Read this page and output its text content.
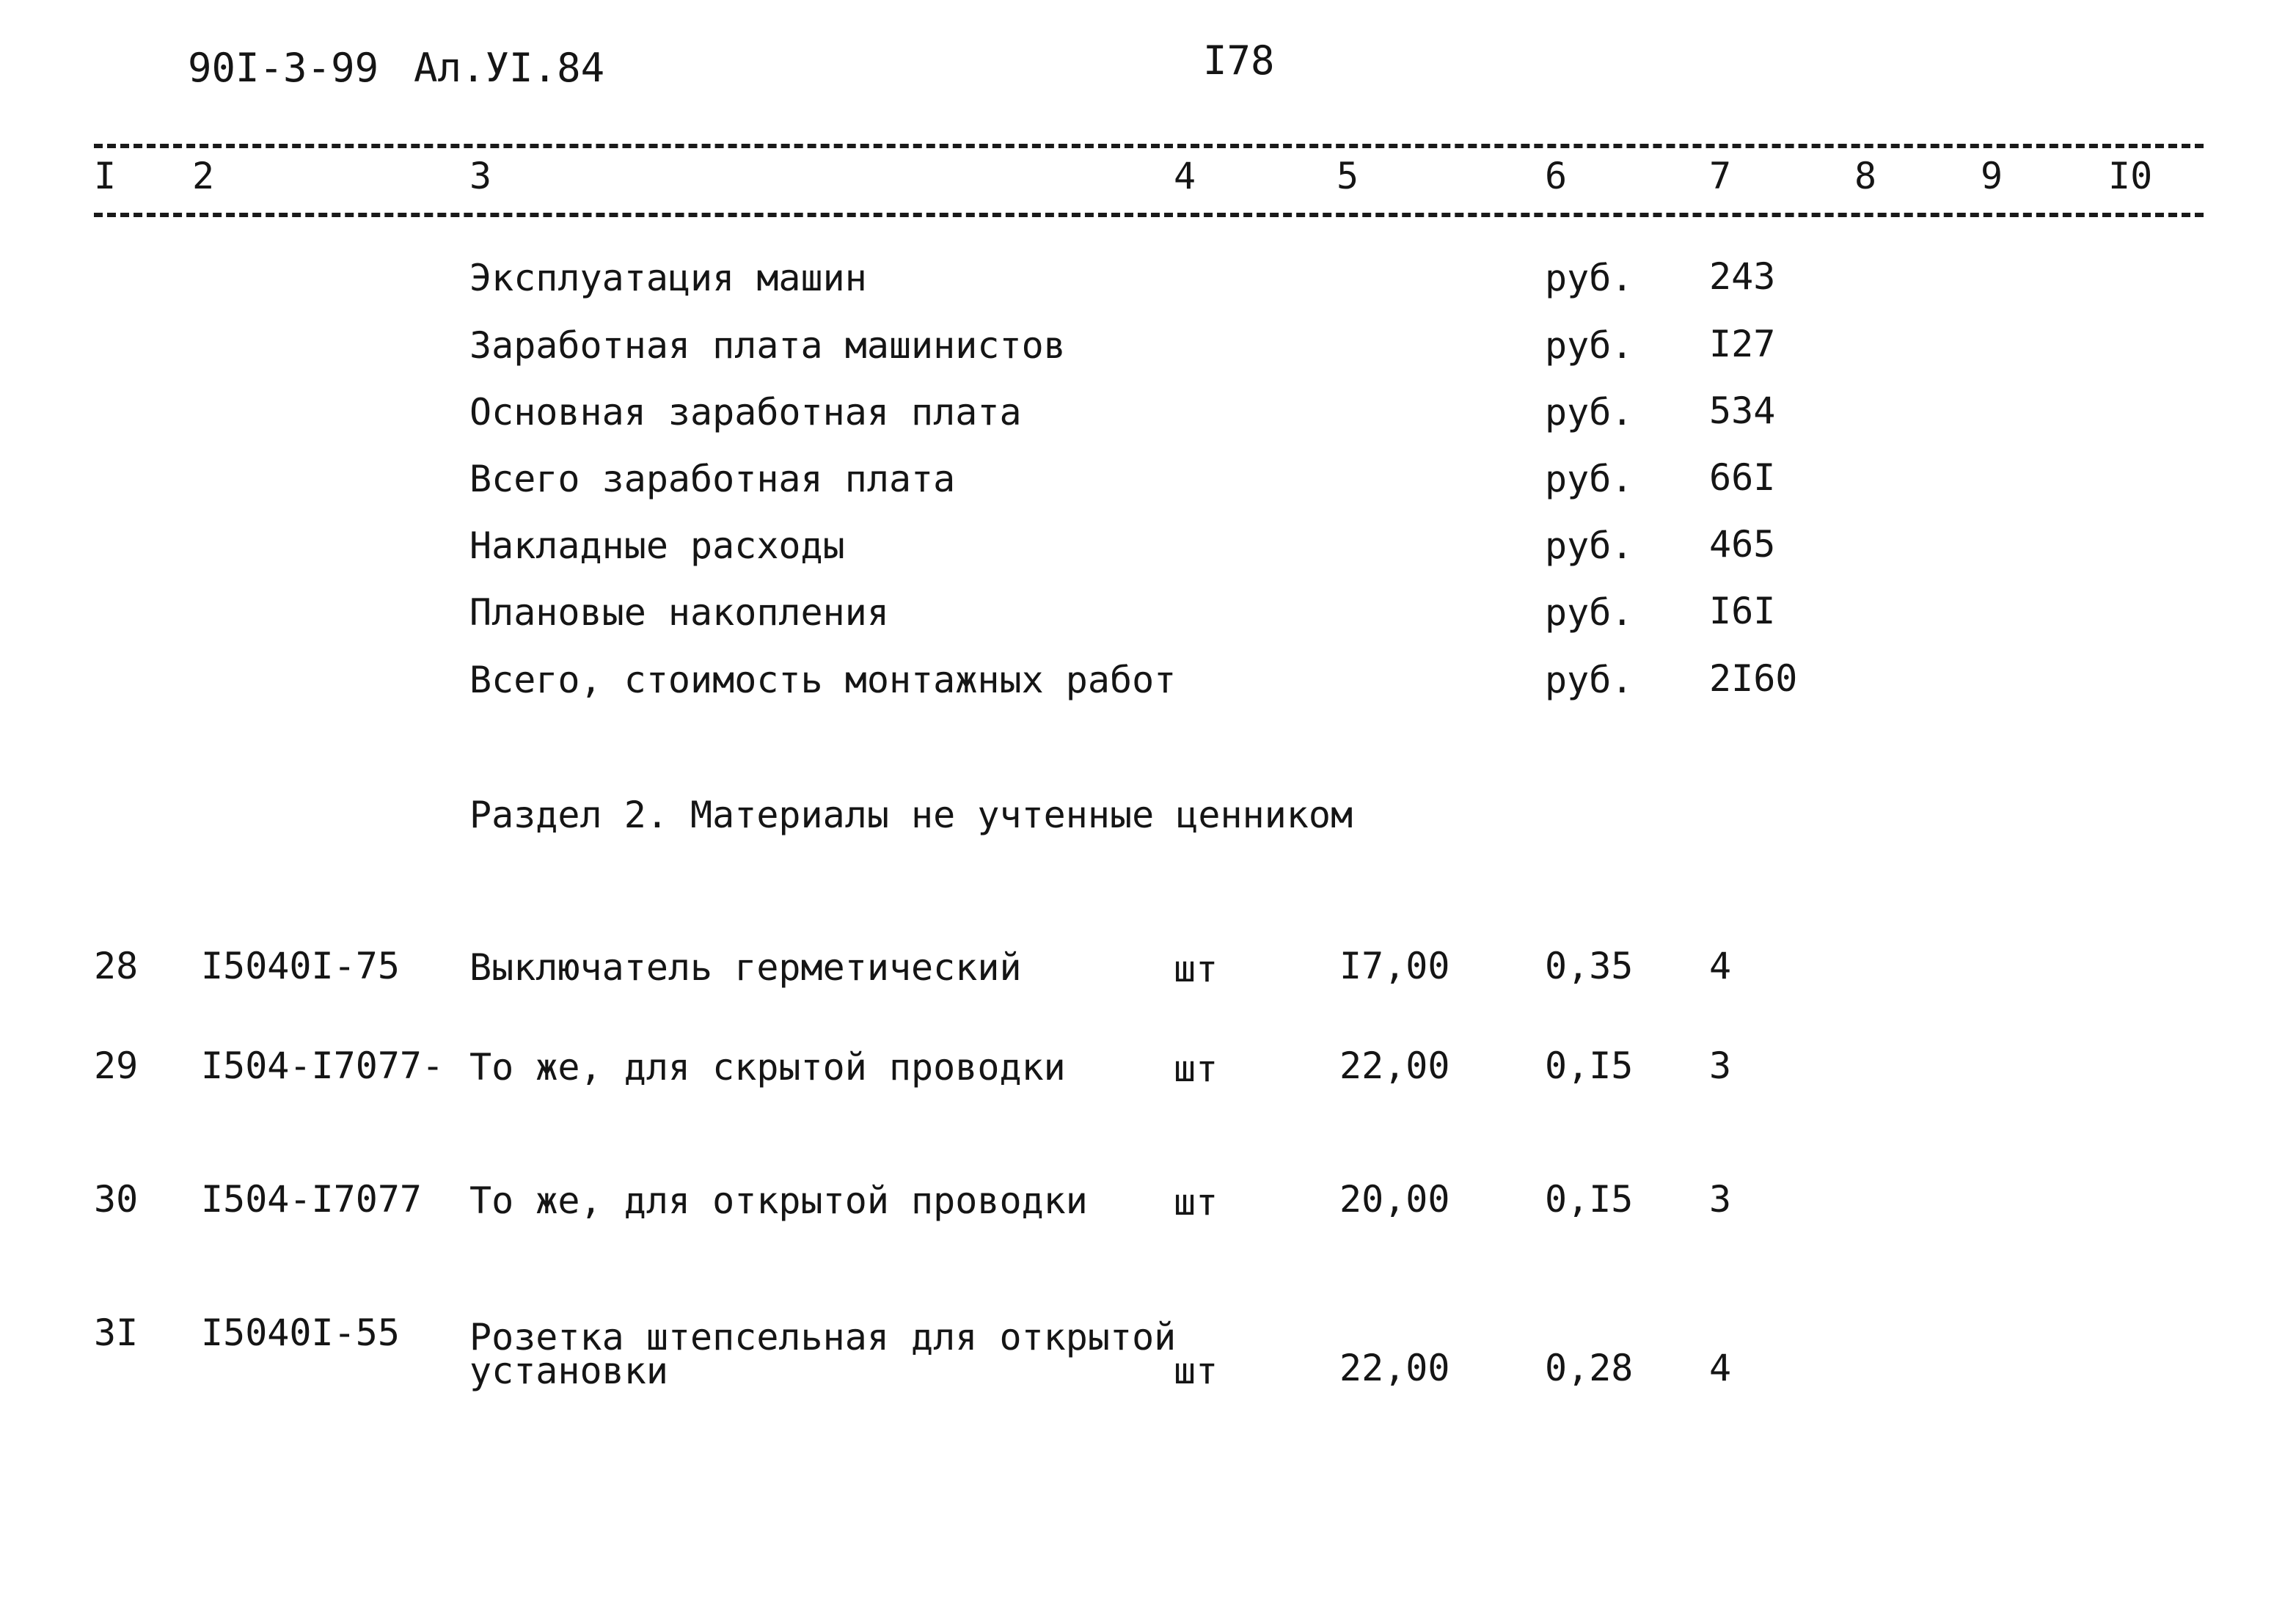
90I-3-99 Ал.УI.84	I78
I 2	3	4	5	6	7	8	9	I0
Эксплуатация машин	руб. 243
Заработная плата машинистов	руб. I27
Основная заработная плата	руб. 534
Всего заработная плата	руб. 66I
Накладные расходы	руб. 465
Плановые накопления	руб. I6I
Всего, стоимость монтажных работ	руб. 2I60
Раздел 2. Материалы не учтенные ценником
28 I5040I-75 Выключатель герметический	шт	I7,00	0,35 4
29 I504-I7077- То же, для скрытой проводки	шт	22,00	0,I5 3
30 I504-I7077 То же, для открытой проводки шт	20,00	0,I5 3
3I I5040I-55 Розетка штепсельная для открытой
установки	шт	22,00	0,28 4
